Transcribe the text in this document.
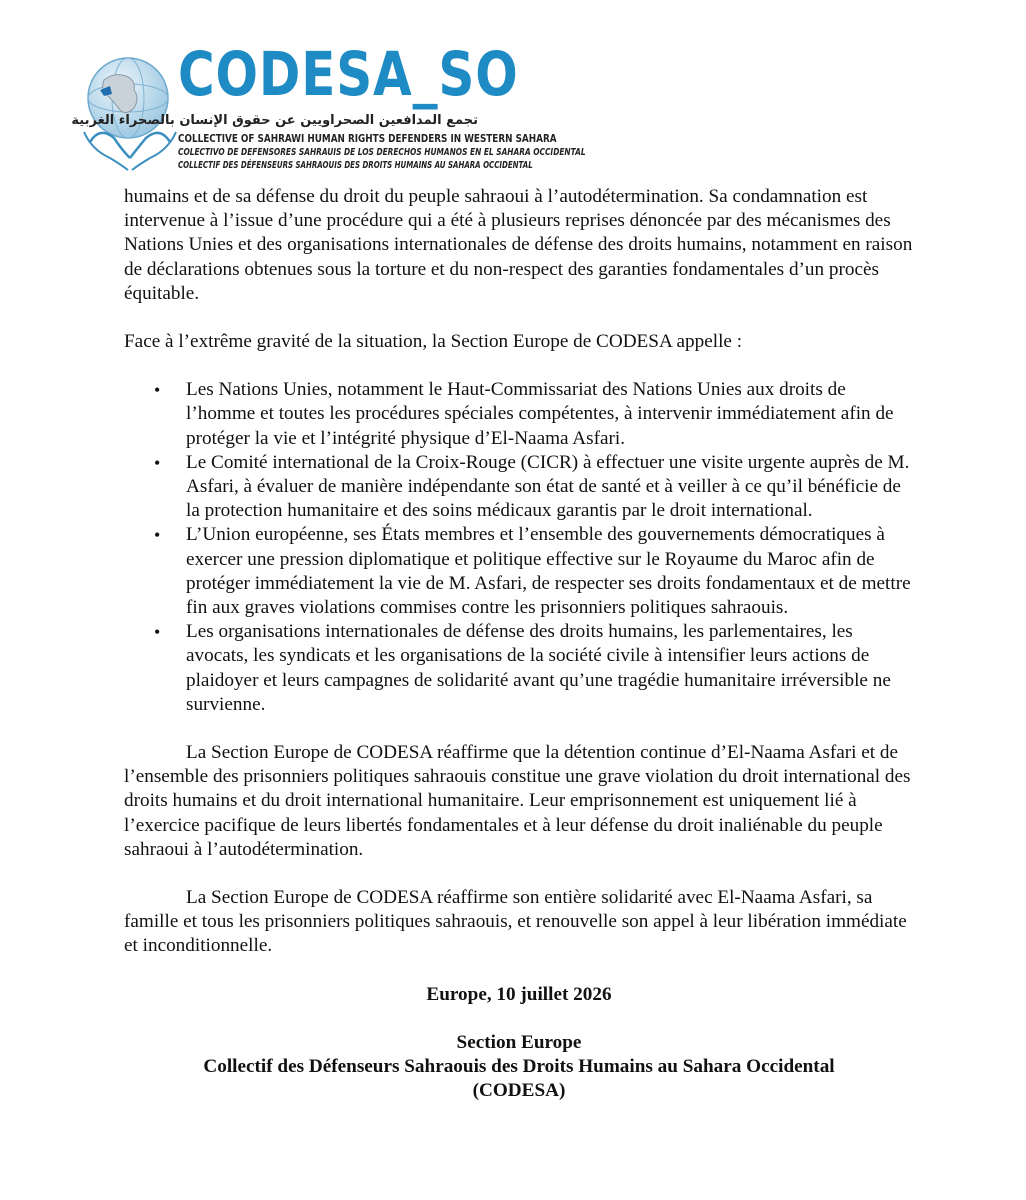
CODESA_SO
تجمع المدافعين الصحراويين عن حقوق الإنسان بالصحراء الغربية
COLLECTIVE OF SAHRAWI HUMAN RIGHTS DEFENDERS IN WESTERN SAHARA
COLECTIVO DE DEFENSORES SAHRAUIS DE LOS DERECHOS HUMANOS EN EL SAHARA OCCIDENTAL
COLLECTIF DES DÉFENSEURS SAHRAOUIS DES DROITS HUMAINS AU SAHARA OCCIDENTAL

humains et de sa défense du droit du peuple sahraoui à l’autodétermination. Sa condamnation est intervenue à l’issue d’une procédure qui a été à plusieurs reprises dénoncée par des mécanismes des Nations Unies et des organisations internationales de défense des droits humains, notamment en raison de déclarations obtenues sous la torture et du non-respect des garanties fondamentales d’un procès équitable.

Face à l’extrême gravité de la situation, la Section Europe de CODESA appelle :

• Les Nations Unies, notamment le Haut-Commissariat des Nations Unies aux droits de l’homme et toutes les procédures spéciales compétentes, à intervenir immédiatement afin de protéger la vie et l’intégrité physique d’El-Naama Asfari.
• Le Comité international de la Croix-Rouge (CICR) à effectuer une visite urgente auprès de M. Asfari, à évaluer de manière indépendante son état de santé et à veiller à ce qu’il bénéficie de la protection humanitaire et des soins médicaux garantis par le droit international.
• L’Union européenne, ses États membres et l’ensemble des gouvernements démocratiques à exercer une pression diplomatique et politique effective sur le Royaume du Maroc afin de protéger immédiatement la vie de M. Asfari, de respecter ses droits fondamentaux et de mettre fin aux graves violations commises contre les prisonniers politiques sahraouis.
• Les organisations internationales de défense des droits humains, les parlementaires, les avocats, les syndicats et les organisations de la société civile à intensifier leurs actions de plaidoyer et leurs campagnes de solidarité avant qu’une tragédie humanitaire irréversible ne survienne.

La Section Europe de CODESA réaffirme que la détention continue d’El-Naama Asfari et de l’ensemble des prisonniers politiques sahraouis constitue une grave violation du droit international des droits humains et du droit international humanitaire. Leur emprisonnement est uniquement lié à l’exercice pacifique de leurs libertés fondamentales et à leur défense du droit inaliénable du peuple sahraoui à l’autodétermination.

La Section Europe de CODESA réaffirme son entière solidarité avec El-Naama Asfari, sa famille et tous les prisonniers politiques sahraouis, et renouvelle son appel à leur libération immédiate et inconditionnelle.

Europe, 10 juillet 2026

Section Europe

Collectif des Défenseurs Sahraouis des Droits Humains au Sahara Occidental

(CODESA)
